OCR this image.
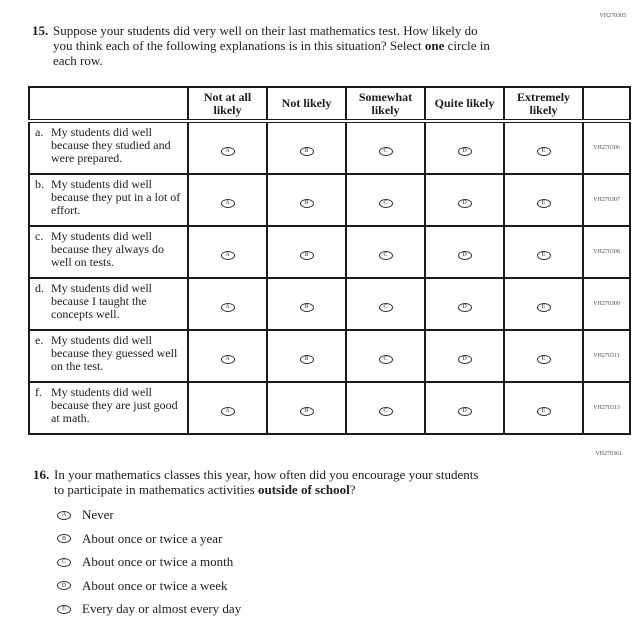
VH270305
15. Suppose your students did very well on their last mathematics test. How likely do
you think each of the following explanations is in this situation? Select one circle in
each row.
	Not at all likely	Not likely	Somewhat likely	Quite likely	Extremely likely	

a. My students did well because they studied and were prepared.	A	B	C	D	E	VH270306

b. My students did well because they put in a lot of effort.	A	B	C	D	E	VH270307

c. My students did well because they always do well on tests.	A	B	C	D	E	VH270308

d. My students did well because I taught the concepts well.	A	B	C	D	E	VH270309

e. My students did well because they guessed well on the test.	A	B	C	D	E	VH270311

f. My students did well because they are just good at math.	A	B	C	D	E	VH270313
VH270361
16. In your mathematics classes this year, how often did you encourage your students
to participate in mathematics activities outside of school?
A Never
B About once or twice a year
C About once or twice a month
D About once or twice a week
E Every day or almost every day
